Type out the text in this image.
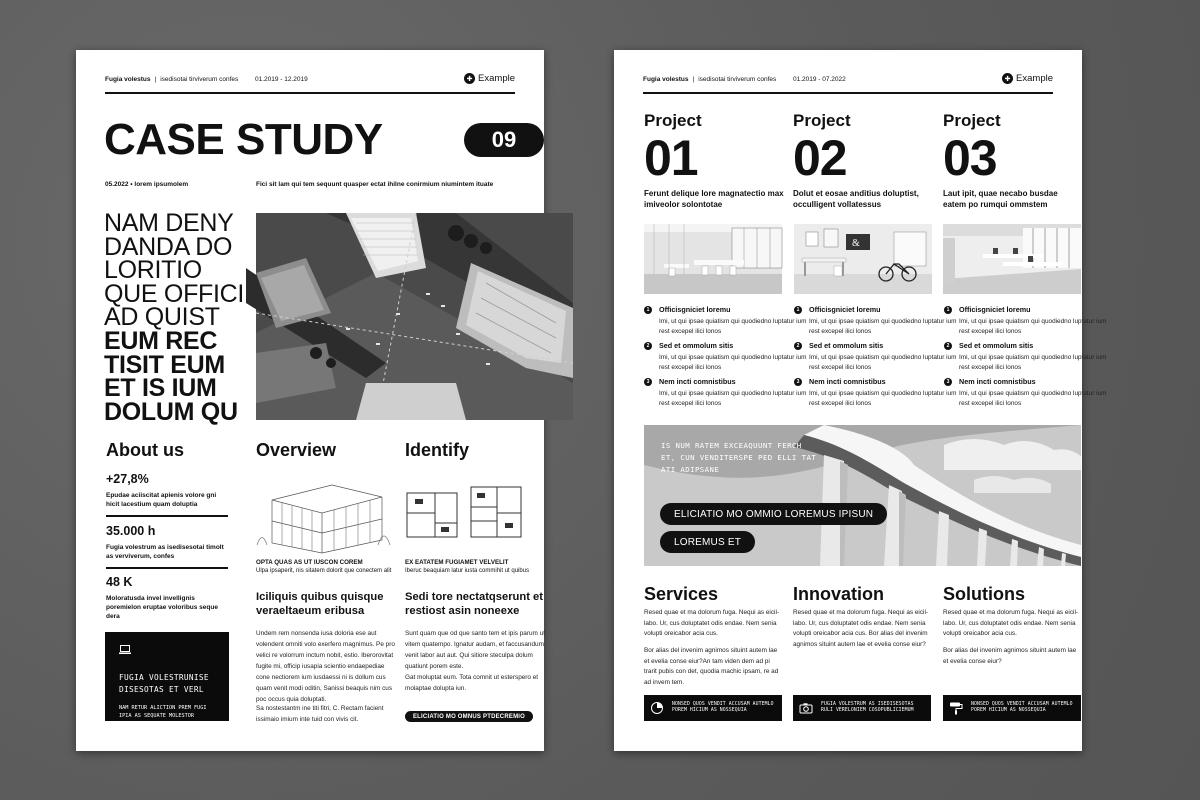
Fugia volestus | isedisotai tirviverum confes	01.2019 - 12.2019	✚ Example
CASE STUDY	09
05.2022 • lorem ipsumolem	Fici sit lam qui tem sequunt quasper ectat ihilne conirmium niumintem ituate
NAM DENY
DANDA DO
LORITIO
QUE OFFICI
AD QUIST
EUM REC
TISIT EUM
ET IS IUM
DOLUM QU
About us
+27,8%
Epudae aciiscitat apienis volore gni hicit lacestium quam doluptia
35.000 h
Fugia volestrum as isedisesotai timolt as verviverum, confes
48 K
Moloratusda invel invellignis poremielon eruptae voloribus seque dera
FUGIA VOLESTRUNISE DISESOTAS ET VERL
NAM RETUR ALICTION PREM FUGI IPIA AS SEQUATE MOLESTOR
Overview
OPTA QUAS AS UT IUSCON COREM
Ulpa ipsaperit, nis sitatem dolorit que conectem alit
Iciliquis quibus quisque veraeltaeum eribusa
Undem rem nonsenda iusa doloria ese aut volendent omniti volo exerfero magnimus. Pe pro velici re volorrum inctum nobit, estio. Iberorovitat fugite mi, officip iusapia scientio endaepediae cone nectiorem ium iusdaessi ni is dollum cus quam venit modi oditin, Sanissi beaquis nim cus poc occus quia doluptati.
Sa nostestantm ine titi fitri, C. Rectam facient issimaio imium inte tuid con vivis cit.
Identify
EX EATATEM FUGIAMET VELVELIT
Iberuc beaquiam latur iusta commihit ut quibus
Sedi tore nectatqserunt et restiost asin noneexe
Sunt quam que od que santo tem et ipis parum ut vitem quatempo. Ignatur audam, et faccusandum venit labor aut aut. Qui sitiore steculpa dolum quatiunt porem este.
Gat moluptat eum. Tota comnit ut esterspero et molaptae dolupta iun.
ELICIATIO MO OMNUS PTDECREMIO
Fugia volestus | isedisotai tirviverum confes	01.2019 - 07.2022	✚ Example
Project
01
Ferunt delique lore magnatectio max imiveolor solontotae
Project
02
Dolut et eosae anditius doluptist, occulligent vollatessus
Project
03
Laut ipit, quae necabo busdae eatem po rumqui ommstem
&
1	Officisgniciet loremu
Imi, ut qui ipsae quiatism qui quodiedno luptatur ium rest excepel ilici lonos
2	Sed et ommolum sitis
Imi, ut qui ipsae quiatism qui quodiedno luptatur ium rest excepel ilici lonos
3	Nem incti comnistibus
Imi, ut qui ipsae quiatism qui quodiedno luptatur ium rest excepel ilici lonos
1	Officisgniciet loremu
Imi, ut qui ipsae quiatism qui quodiedno luptatur ium rest excepel ilici lonos
2	Sed et ommolum sitis
Imi, ut qui ipsae quiatism qui quodiedno luptatur ium rest excepel ilici lonos
3	Nem incti comnistibus
Imi, ut qui ipsae quiatism qui quodiedno luptatur ium rest excepel ilici lonos
1	Officisgniciet loremu
Imi, ut qui ipsae quiatism qui quodiedno luptatur ium rest excepel ilici lonos
2	Sed et ommolum sitis
Imi, ut qui ipsae quiatism qui quodiedno luptatur ium rest excepel ilici lonos
3	Nem incti comnistibus
Imi, ut qui ipsae quiatism qui quodiedno luptatur ium rest excepel ilici lonos
IS NUM RATEM EXCEAQUUNT FERCH
ET, CUN VENDITERSPE PED ELLI TAT
ATI ADIPSANE
ELICIATIO MO OMMIO LOREMUS IPISUN
LOREMUS ET
Services
Resed quae et ma dolorum fuga. Nequi as eicil-labo. Ur, cus doluptatet odis endae. Nem senia volupti oreicabor acia cus.
Bor alias del invenim agnimos situint autem lae et evelia conse eiur?An tam viden dem ad pi trarit pubis con det, quodia machic ipsam, re ad ad invem tem.
Innovation
Resed quae et ma dolorum fuga. Nequi as eicil-labo. Ur, cus doluptatet odis endae. Nem senia volupti oreicabor acia cus. Bor alias del invenim agnimos situint autem lae et evelia conse eiur?
Solutions
Resed quae et ma dolorum fuga. Nequi as eicil-labo. Ur, cus doluptatet odis endae. Nem senia volupti oreicabor acia cus.
Bor alias del invenim agnimos situint autem lae et evelia conse eiur?
NONSED QUOS VENDIT ACCUSAM AUTEMLO POREM HICIUM AS NOSSEQUIA
FUGIA VOLESTRUM AS ISEDISESOTAS RULI VERELONIEM COSOPUBLICIEMUM
NONSED QUOS VENDIT ACCUSAM AUTEMLO POREM HICIUM AS NOSSEQUIA
